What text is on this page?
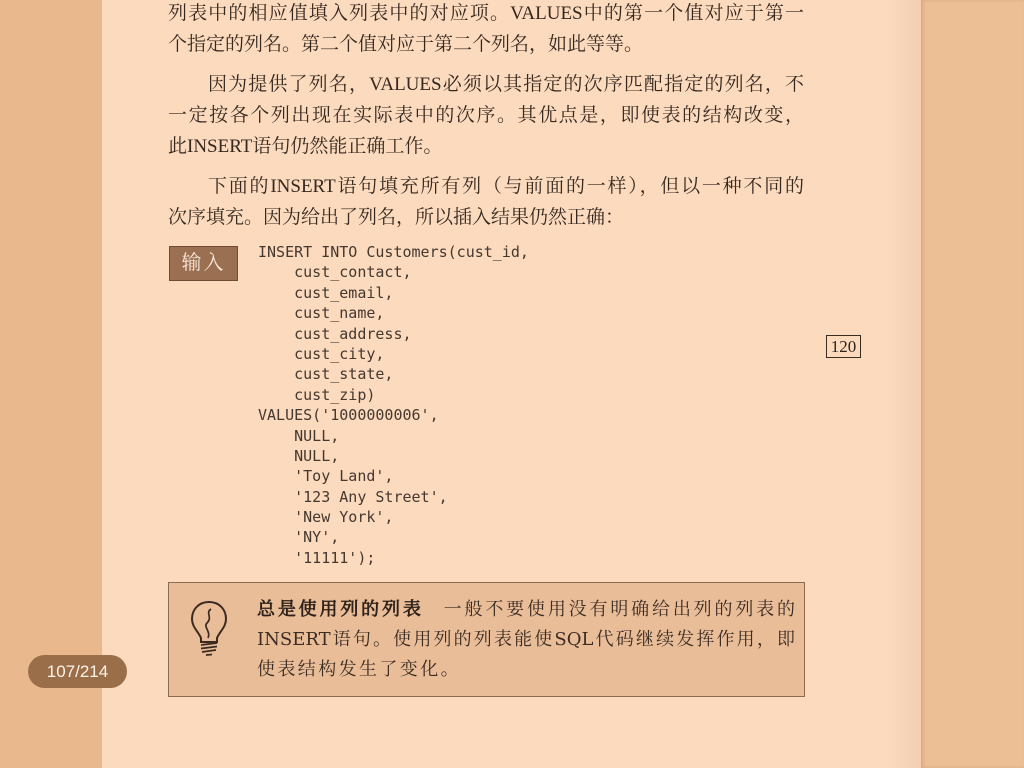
列表中的相应值填入列表中的对应项。VALUES中的第一个值对应于第一
个指定的列名。第二个值对应于第二个列名，如此等等。
因为提供了列名，VALUES必须以其指定的次序匹配指定的列名，不
一定按各个列出现在实际表中的次序。其优点是，即使表的结构改变，
此INSERT语句仍然能正确工作。
下面的INSERT语句填充所有列（与前面的一样），但以一种不同的
次序填充。因为给出了列名，所以插入结果仍然正确：
输入	INSERT INTO Customers(cust_id,
cust_contact,
cust_email,
cust_name,
cust_address,
cust_city,
cust_state,
cust_zip)
VALUES('1000000006',
NULL,
NULL,
'Toy Land',
'123 Any Street',
'New York',
'NY',
'11111');
120
总是使用列的列表 一般不要使用没有明确给出列的列表的
INSERT语句。使用列的列表能使SQL代码继续发挥作用，即
使表结构发生了变化。
107/214
